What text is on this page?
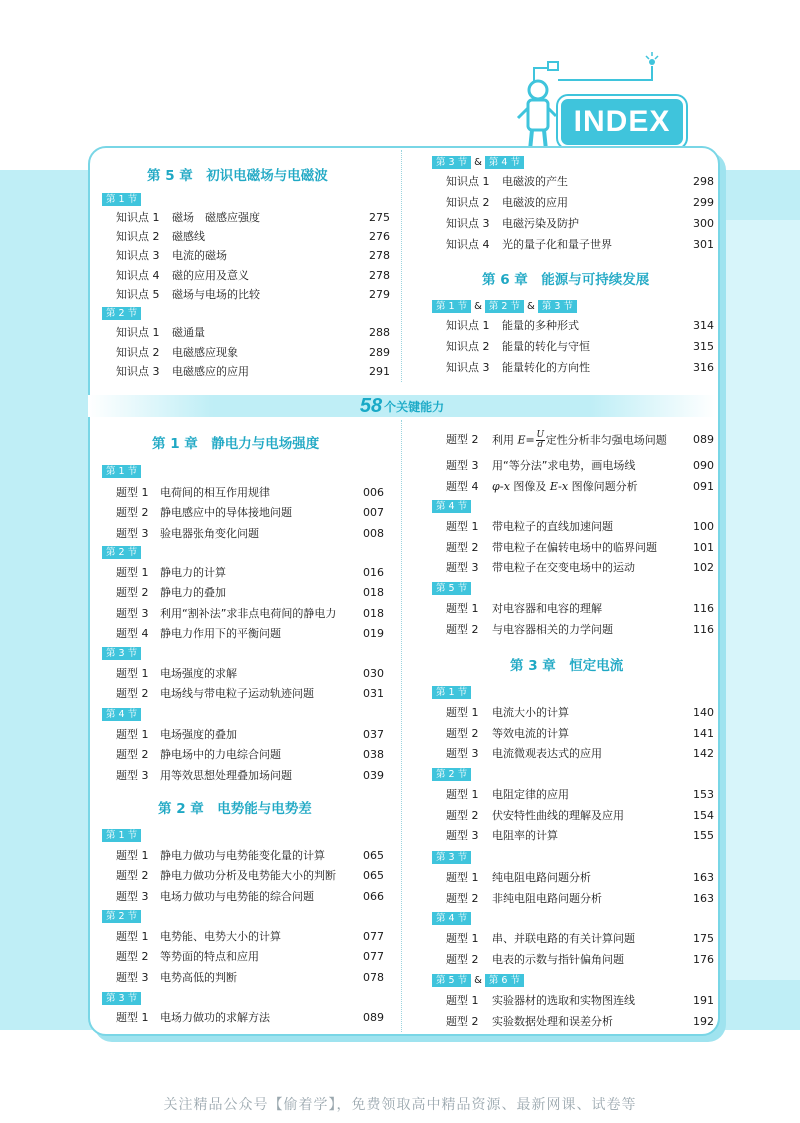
INDEX
第 5 章　初识电磁场与电磁波
第 1 节
知识点 1 磁场　磁感应强度	275
知识点 2 磁感线	276
知识点 3 电流的磁场	278
知识点 4 磁的应用及意义	278
知识点 5 磁场与电场的比较	279
第 2 节
知识点 1 磁通量	288
知识点 2 电磁感应现象	289
知识点 3 电磁感应的应用	291
第 3 节 & 第 4 节
知识点 1 电磁波的产生	298
知识点 2 电磁波的应用	299
知识点 3 电磁污染及防护	300
知识点 4 光的量子化和量子世界	301
第 6 章　能源与可持续发展
第 1 节 & 第 2 节 & 第 3 节
知识点 1 能量的多种形式	314
知识点 2 能量的转化与守恒	315
知识点 3 能量转化的方向性	316
58 个关键能力
第 1 章　静电力与电场强度
第 1 节
题型 1 电荷间的相互作用规律	006
题型 2 静电感应中的导体接地问题	007
题型 3 验电器张角变化问题	008
第 2 节
题型 1 静电力的计算	016
题型 2 静电力的叠加	018
题型 3 利用“割补法”求非点电荷间的静电力	018
题型 4 静电力作用下的平衡问题	019
第 3 节
题型 1 电场强度的求解	030
题型 2 电场线与带电粒子运动轨迹问题	031
第 4 节
题型 1 电场强度的叠加	037
题型 2 静电场中的力电综合问题	038
题型 3 用等效思想处理叠加场问题	039
第 2 章　电势能与电势差
第 1 节
题型 1 静电力做功与电势能变化量的计算	065
题型 2 静电力做功分析及电势能大小的判断	065
题型 3 电场力做功与电势能的综合问题	066
第 2 节
题型 1 电势能、电势大小的计算	077
题型 2 等势面的特点和应用	077
题型 3 电势高低的判断	078
第 3 节
题型 1 电场力做功的求解方法	089
题型 2 利用 $E= \frac{U}{d}$ 定性分析非匀强电场问题	089
题型 3 用“等分法”求电势，画电场线	090
题型 4 φ-x 图像及 E-x 图像问题分析	091
第 4 节
题型 1 带电粒子的直线加速问题	100
题型 2 带电粒子在偏转电场中的临界问题	101
题型 3 带电粒子在交变电场中的运动	102
第 5 节
题型 1 对电容器和电容的理解	116
题型 2 与电容器相关的力学问题	116
第 3 章　恒定电流
第 1 节
题型 1 电流大小的计算	140
题型 2 等效电流的计算	141
题型 3 电流微观表达式的应用	142
第 2 节
题型 1 电阻定律的应用	153
题型 2 伏安特性曲线的理解及应用	154
题型 3 电阻率的计算	155
第 3 节
题型 1 纯电阻电路问题分析	163
题型 2 非纯电阻电路问题分析	163
第 4 节
题型 1 串、并联电路的有关计算问题	175
题型 2 电表的示数与指针偏角问题	176
第 5 节 & 第 6 节
题型 1 实验器材的选取和实物图连线	191
题型 2 实验数据处理和误差分析	192
关注精品公众号【偷着学】，免费领取高中精品资源、最新网课、试卷等
